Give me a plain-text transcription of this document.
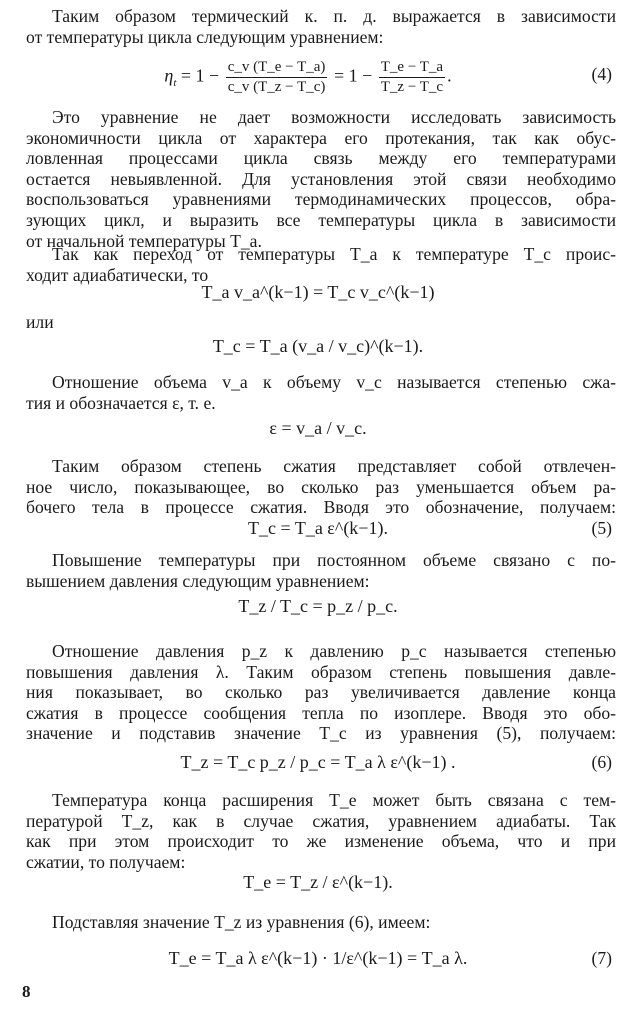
Таким образом термический к. п. д. выражается в зависимости
от температуры цикла следующим уравнением:
$\eta_t = 1 - \frac{c\_v (T\_e - T\_a)}{c\_v (T\_z - T\_c)} = 1 - \frac{T\_e - T\_a}{T\_z - T\_c}$ .	(4)
Это уравнение не дает возможности исследовать зависимость
экономичности цикла от характера его протекания, так как обус-
ловленная процессами цикла связь между его температурами
остается невыявленной. Для установления этой связи необходимо
воспользоваться уравнениями термодинамических процессов, обра-
зующих цикл, и выразить все температуры цикла в зависимости
от начальной температуры T_a.
Так как переход от температуры T_a к температуре T_c проис-
ходит адиабатически, то
T_a v_a^(k−1) = T_c v_c^(k−1)
или
T_c = T_a (v_a / v_c)^(k−1).
Отношение объема v_a к объему v_c называется степенью сжа-
тия и обозначается ε, т. е.
ε = v_a / v_c.
Таким образом степень сжатия представляет собой отвлечен-
ное число, показывающее, во сколько раз уменьшается объем ра-
бочего тела в процессе сжатия. Вводя это обозначение, получаем:
T_c = T_a ε^(k−1).	(5)
Повышение температуры при постоянном объеме связано с по-
вышением давления следующим уравнением:
T_z / T_c = p_z / p_c.
Отношение давления p_z к давлению p_c называется степенью
повышения давления λ. Таким образом степень повышения давле-
ния показывает, во сколько раз увеличивается давление конца
сжатия в процессе сообщения тепла по изоплере. Вводя это обо-
значение и подставив значение T_c из уравнения (5), получаем:
T_z = T_c p_z / p_c = T_a λ ε^(k−1) .	(6)
Температура конца расширения T_e может быть связана с тем-
пературой T_z, как в случае сжатия, уравнением адиабаты. Так
как при этом происходит то же изменение объема, что и при
сжатии, то получаем:
T_e = T_z / ε^(k−1).
Подставляя значение T_z из уравнения (6), имеем:
T_e = T_a λ ε^(k−1) · 1/ε^(k−1) = T_a λ.	(7)
8
